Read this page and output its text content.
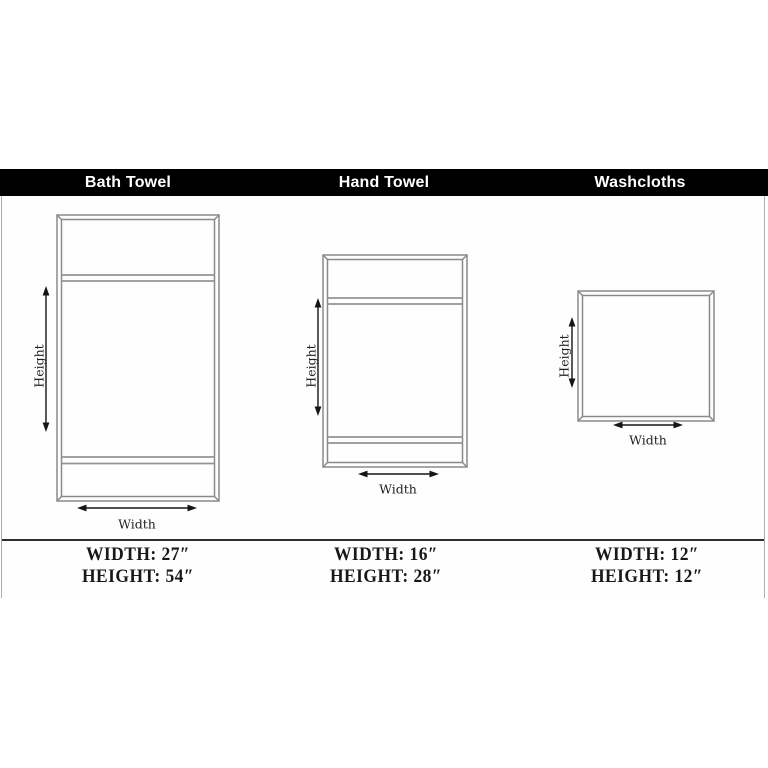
Bath Towel	Hand Towel	Washcloths
Height
Width
Height
Width
Height
Width
WIDTH: 27″
HEIGHT: 54″
WIDTH: 16″
HEIGHT: 28″
WIDTH: 12″
HEIGHT: 12″
